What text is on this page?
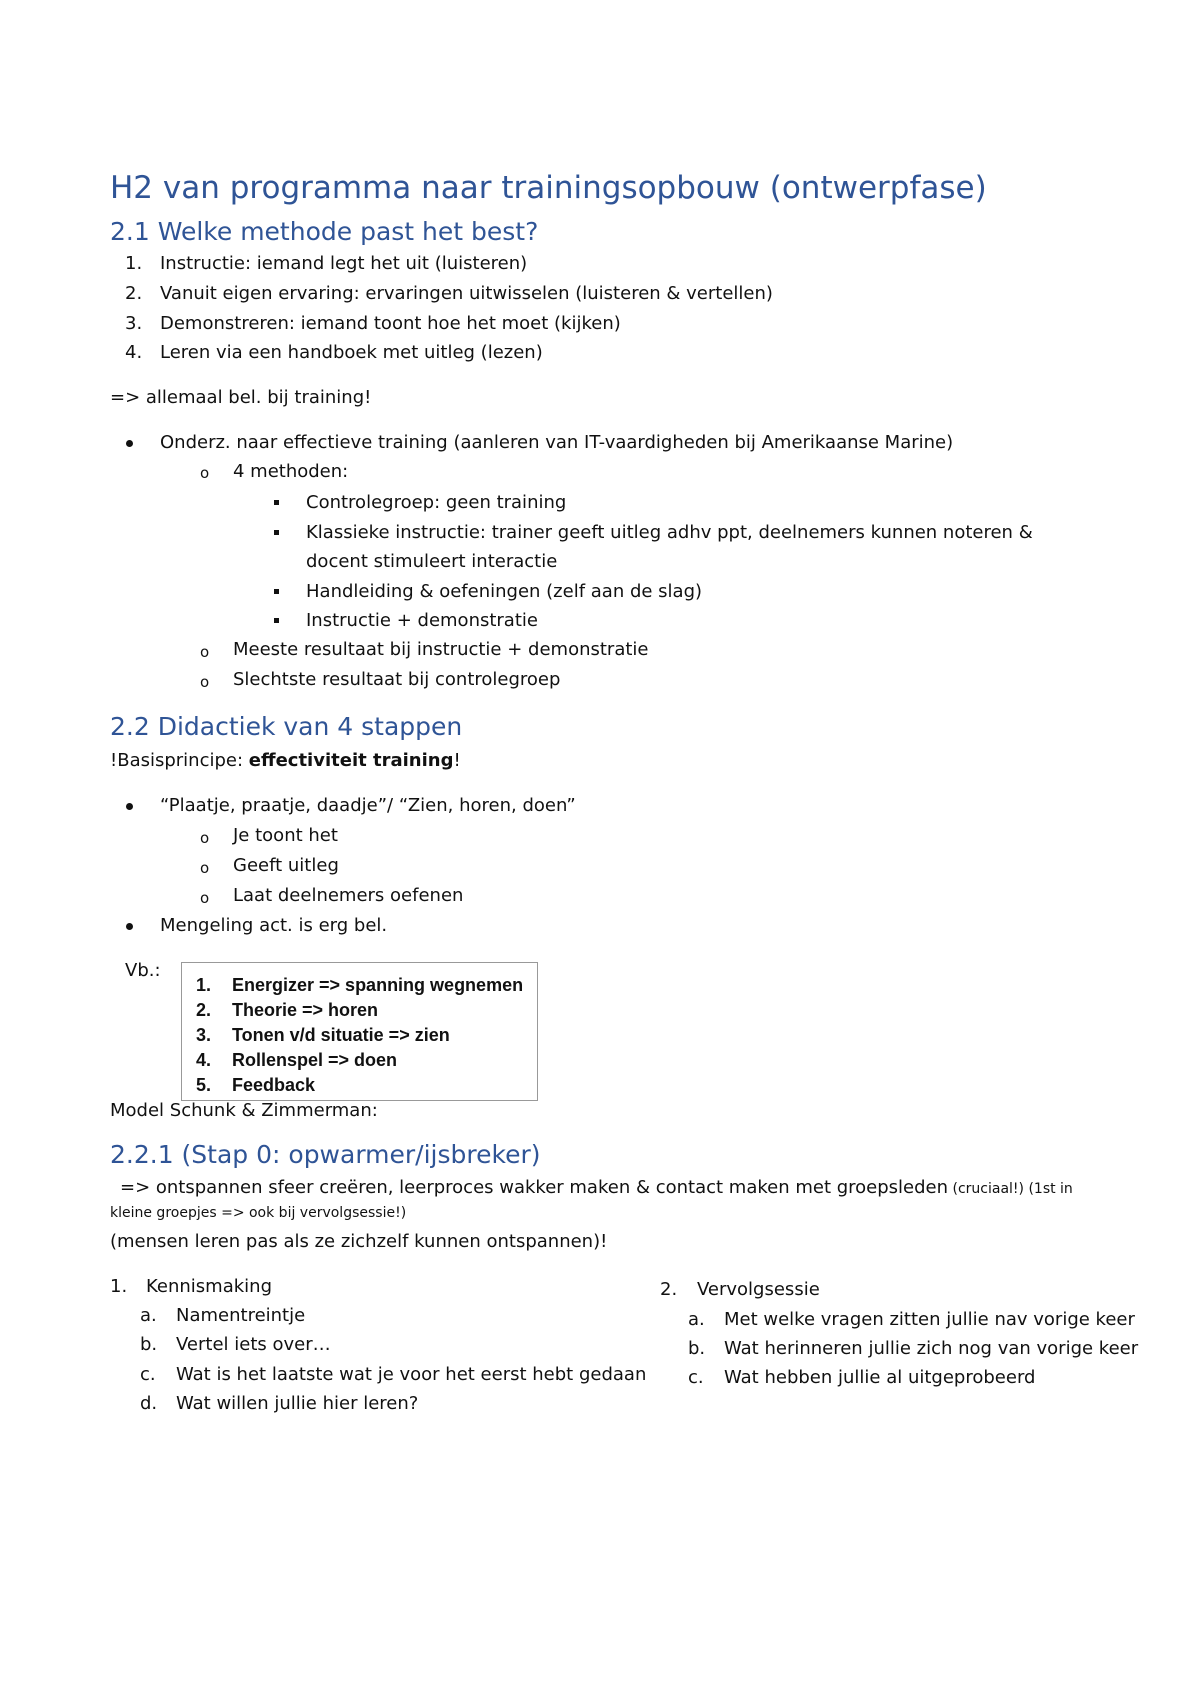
H2 van programma naar trainingsopbouw (ontwerpfase)
2.1 Welke methode past het best?
1. Instructie: iemand legt het uit (luisteren)
2. Vanuit eigen ervaring: ervaringen uitwisselen (luisteren & vertellen)
3. Demonstreren: iemand toont hoe het moet (kijken)
4. Leren via een handboek met uitleg (lezen)
=> allemaal bel. bij training!
Onderz. naar effectieve training (aanleren van IT-vaardigheden bij Amerikaanse Marine)
o 4 methoden:
Controlegroep: geen training
Klassieke instructie: trainer geeft uitleg adhv ppt, deelnemers kunnen noteren &
docent stimuleert interactie
Handleiding & oefeningen (zelf aan de slag)
Instructie + demonstratie
o Meeste resultaat bij instructie + demonstratie
o Slechtste resultaat bij controlegroep
2.2 Didactiek van 4 stappen
!Basisprincipe: effectiviteit training!
“Plaatje, praatje, daadje”/ “Zien, horen, doen”
o Je toont het
o Geeft uitleg
o Laat deelnemers oefenen
Mengeling act. is erg bel.
Vb.:
1. Energizer => spanning wegnemen
2. Theorie => horen
3. Tonen v/d situatie => zien
4. Rollenspel => doen
5. Feedback
Model Schunk & Zimmerman:
2.2.1 (Stap 0: opwarmer/ijsbreker)
=> ontspannen sfeer creëren, leerproces wakker maken & contact maken met groepsleden (cruciaal!) (1st in
kleine groepjes => ook bij vervolgsessie!)
(mensen leren pas als ze zichzelf kunnen ontspannen)!
1. Kennismaking
a. Namentreintje
b. Vertel iets over…
c. Wat is het laatste wat je voor het eerst hebt gedaan
d. Wat willen jullie hier leren?
2. Vervolgsessie
a. Met welke vragen zitten jullie nav vorige keer
b. Wat herinneren jullie zich nog van vorige keer
c. Wat hebben jullie al uitgeprobeerd
